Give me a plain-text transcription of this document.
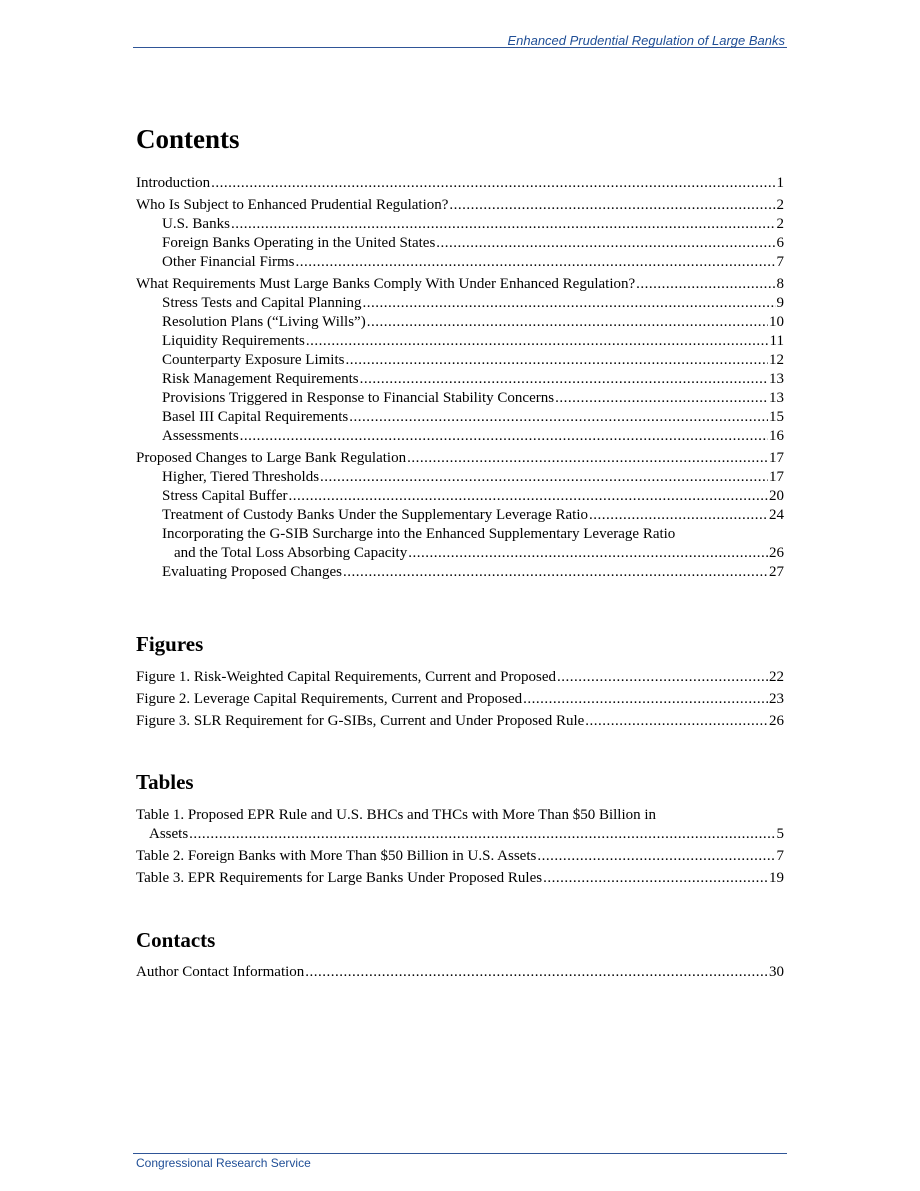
Enhanced Prudential Regulation of Large Banks
Contents
Introduction .....	1
Who Is Subject to Enhanced Prudential Regulation? .....	2
U.S. Banks .....	2
Foreign Banks Operating in the United States .....	6
Other Financial Firms .....	7
What Requirements Must Large Banks Comply With Under Enhanced Regulation? .....	8
Stress Tests and Capital Planning .....	9
Resolution Plans (“Living Wills”) .....	10
Liquidity Requirements .....	11
Counterparty Exposure Limits .....	12
Risk Management Requirements .....	13
Provisions Triggered in Response to Financial Stability Concerns .....	13
Basel III Capital Requirements .....	15
Assessments .....	16
Proposed Changes to Large Bank Regulation .....	17
Higher, Tiered Thresholds .....	17
Stress Capital Buffer .....	20
Treatment of Custody Banks Under the Supplementary Leverage Ratio .....	24
Incorporating the G-SIB Surcharge into the Enhanced Supplementary Leverage Ratio
and the Total Loss Absorbing Capacity .....	26
Evaluating Proposed Changes .....	27
Figures
Figure 1. Risk-Weighted Capital Requirements, Current and Proposed .....	22
Figure 2. Leverage Capital Requirements, Current and Proposed .....	23
Figure 3. SLR Requirement for G-SIBs, Current and Under Proposed Rule .....	26
Tables
Table 1. Proposed EPR Rule and U.S. BHCs and THCs with More Than $50 Billion in
Assets .....	5
Table 2. Foreign Banks with More Than $50 Billion in U.S. Assets .....	7
Table 3. EPR Requirements for Large Banks Under Proposed Rules .....	19
Contacts
Author Contact Information .....	30
Congressional Research Service
